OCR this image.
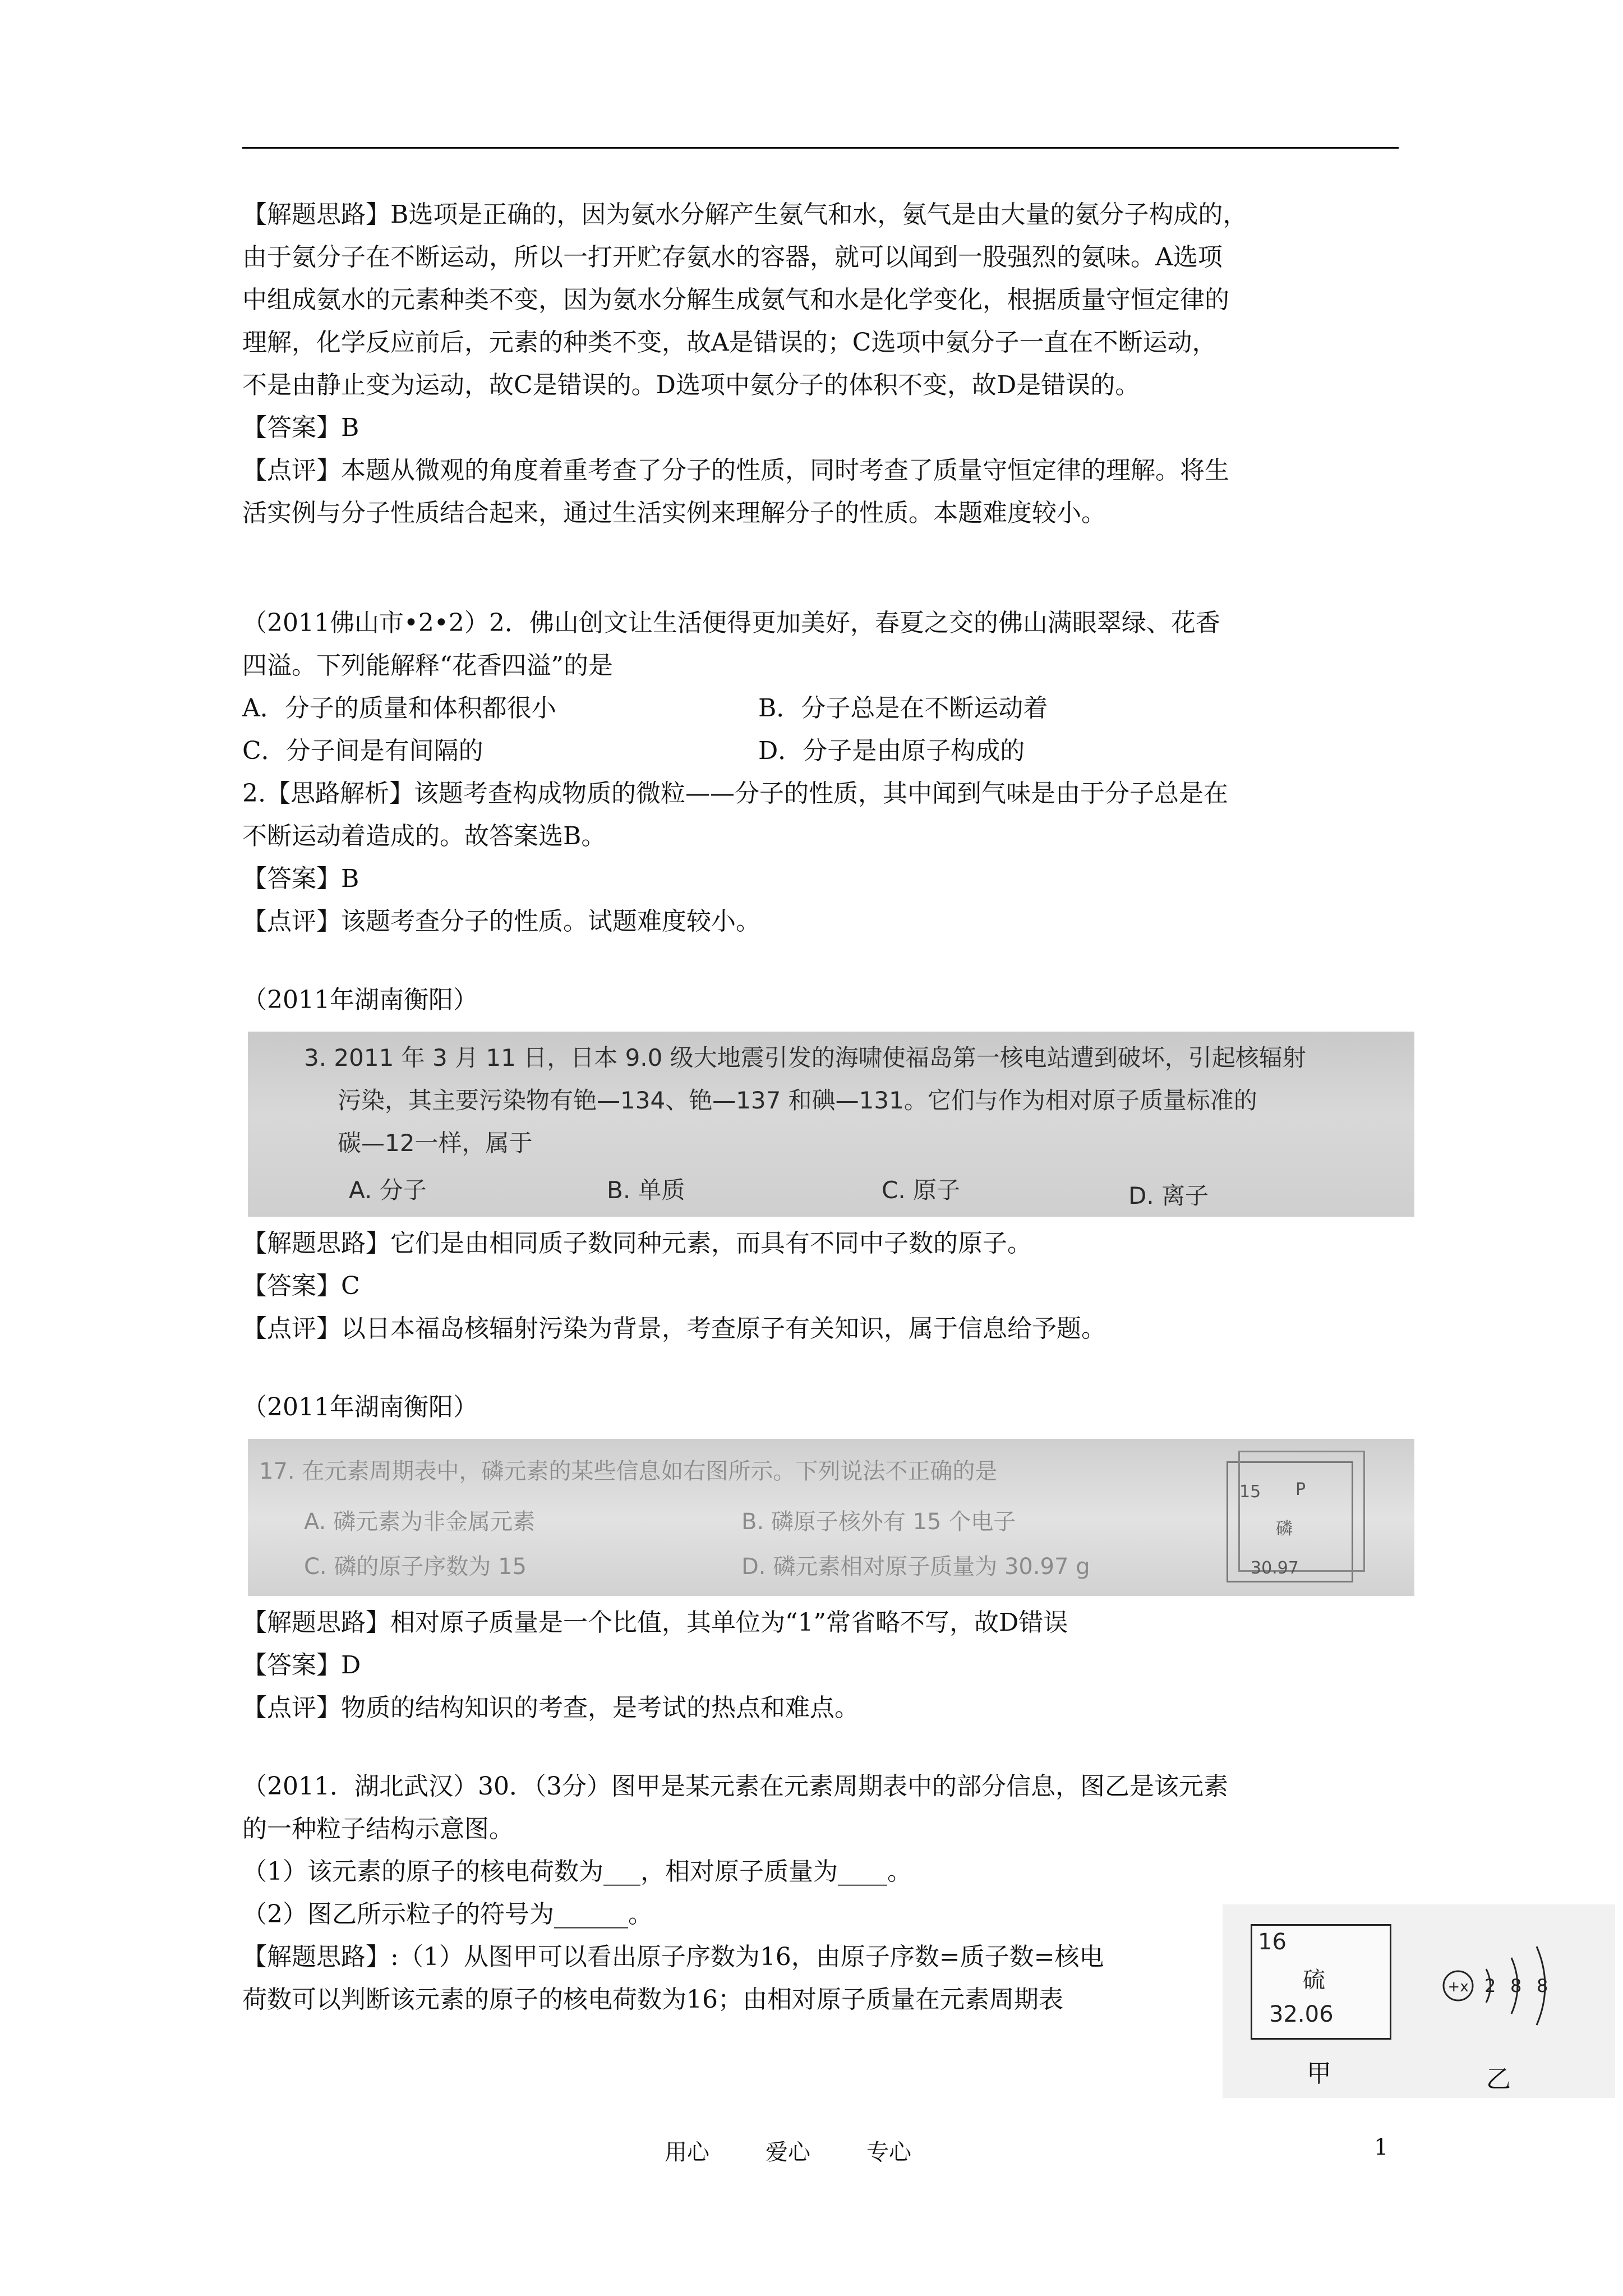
【解题思路】B选项是正确的，因为氨水分解产生氨气和水，氨气是由大量的氨分子构成的，

由于氨分子在不断运动，所以一打开贮存氨水的容器，就可以闻到一股强烈的氨味。A选项

中组成氨水的元素种类不变，因为氨水分解生成氨气和水是化学变化，根据质量守恒定律的

理解，化学反应前后，元素的种类不变，故A是错误的；C选项中氨分子一直在不断运动，

不是由静止变为运动，故C是错误的。D选项中氨分子的体积不变，故D是错误的。

【答案】B

【点评】本题从微观的角度着重考查了分子的性质，同时考查了质量守恒定律的理解。将生

活实例与分子性质结合起来，通过生活实例来理解分子的性质。本题难度较小。

（2011佛山市•2•2）2．佛山创文让生活便得更加美好，春夏之交的佛山满眼翠绿、花香

四溢。下列能解释“花香四溢”的是

A．分子的质量和体积都很小	B．分子总是在不断运动着
C．分子间是有间隔的	D．分子是由原子构成的

2.【思路解析】该题考查构成物质的微粒——分子的性质，其中闻到气味是由于分子总是在

不断运动着造成的。故答案选B。

【答案】B

【点评】该题考查分子的性质。试题难度较小。

（2011年湖南衡阳）

3. 2011 年 3 月 11 日，日本 9.0 级大地震引发的海啸使福岛第一核电站遭到破坏，引起核辐射
污染，其主要污染物有铯—134、铯—137 和碘—131。它们与作为相对原子质量标准的
碳—12一样，属于
A. 分子	B. 单质	C. 原子	D. 离子

【解题思路】它们是由相同质子数同种元素，而具有不同中子数的原子。

【答案】C

【点评】以日本福岛核辐射污染为背景，考查原子有关知识，属于信息给予题。

（2011年湖南衡阳）

17. 在元素周期表中，磷元素的某些信息如右图所示。下列说法不正确的是
A. 磷元素为非金属元素	B. 磷原子核外有 15 个电子
C. 磷的原子序数为 15	D. 磷元素相对原子质量为 30.97 g
15 P
磷
30.97

【解题思路】相对原子质量是一个比值，其单位为“1”常省略不写，故D错误

【答案】D

【点评】物质的结构知识的考查，是考试的热点和难点。

（2011．湖北武汉）30．（3分）图甲是某元素在元素周期表中的部分信息，图乙是该元素

的一种粒子结构示意图。

（1）该元素的原子的核电荷数为___，相对原子质量为____。

（2）图乙所示粒子的符号为______。

【解题思路】:（1）从图甲可以看出原子序数为16，由原子序数=质子数=核电

荷数可以判断该元素的原子的核电荷数为16；由相对原子质量在元素周期表

16
硫
32.06
甲
+x 2 8 8
乙
用心	爱心	专心	1
